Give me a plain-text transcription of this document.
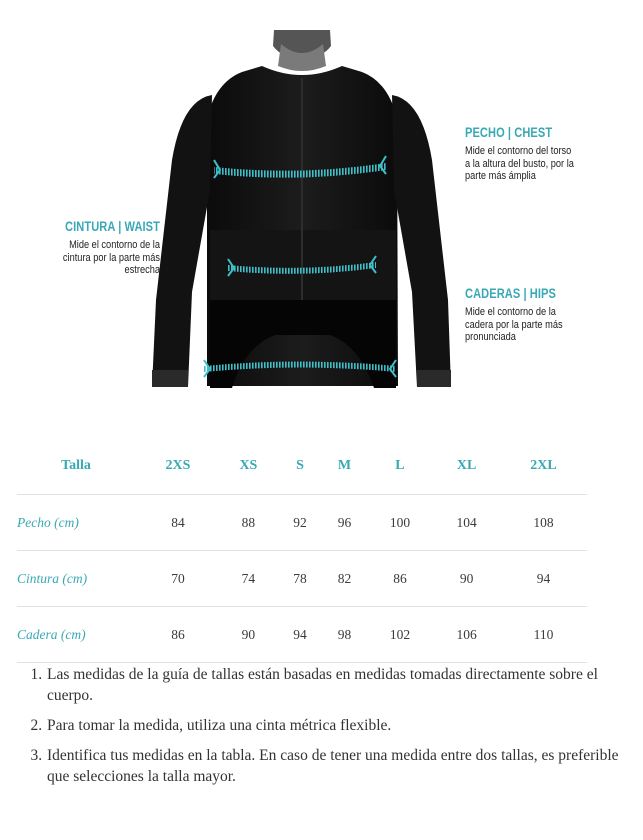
PECHO | CHEST
Mide el contorno del torso a la altura del busto, por la parte más ámplia
CINTURA | WAIST
Mide el contorno de la cintura por la parte más estrecha
CADERAS | HIPS
Mide el contorno de la cadera por la parte más pronunciada
Talla	2XS	XS	S	M	L	XL	2XL
Pecho (cm)	84	88	92	96	100	104	108
Cintura (cm)	70	74	78	82	86	90	94
Cadera (cm)	86	90	94	98	102	106	110
1. Las medidas de la guía de tallas están basadas en medidas tomadas directamente sobre el cuerpo.
2. Para tomar la medida, utiliza una cinta métrica flexible.
3. Identifica tus medidas en la tabla. En caso de tener una medida entre dos tallas, es preferible que selecciones la talla mayor.
